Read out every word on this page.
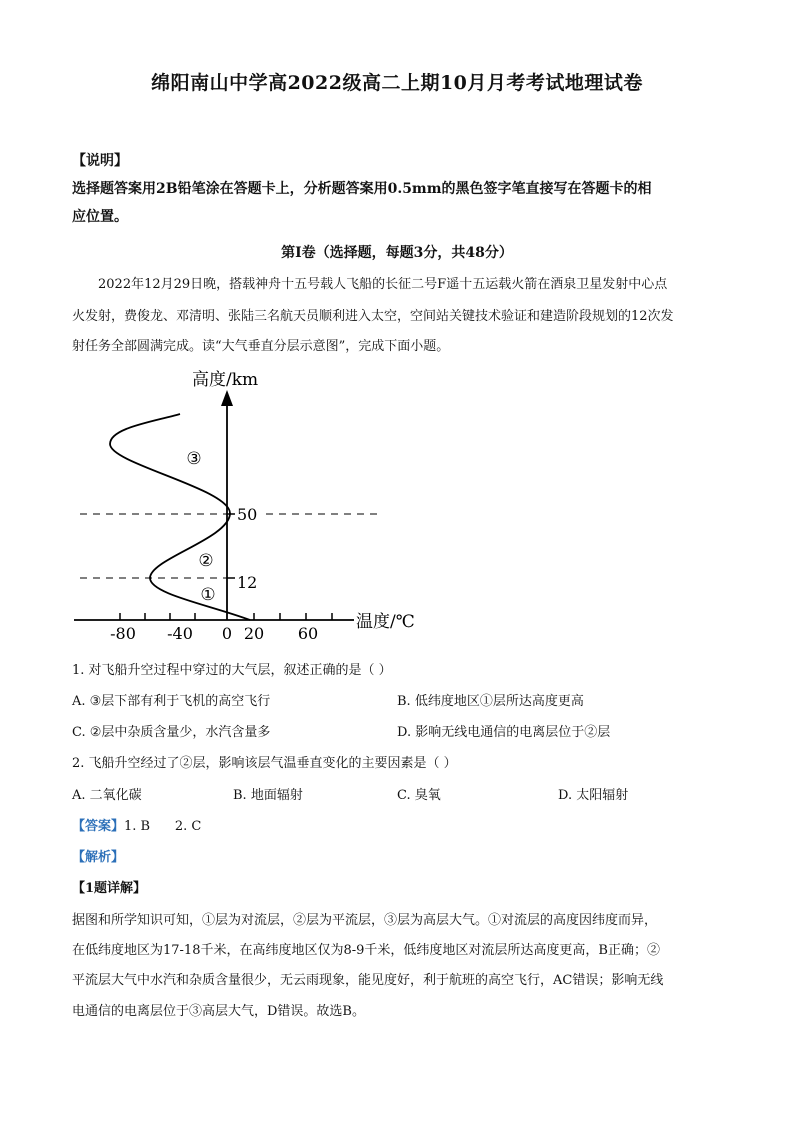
绵阳南山中学高2022级高二上期10月月考考试地理试卷
【说明】
选择题答案用2B铅笔涂在答题卡上，分析题答案用0.5mm的黑色签字笔直接写在答题卡的相
应位置。
第Ⅰ卷（选择题，每题3分，共48分）
2022年12月29日晚，搭载神舟十五号载人飞船的长征二号F遥十五运载火箭在酒泉卫星发射中心点
火发射，费俊龙、邓清明、张陆三名航天员顺利进入太空，空间站关键技术验证和建造阶段规划的12次发
射任务全部圆满完成。读“大气垂直分层示意图”，完成下面小题。
-80 -40 0 20 60
12
50
高度/km
温度/℃
①
②
③
1. 对飞船升空过程中穿过的大气层，叙述正确的是（ ）
A. ③层下部有利于飞机的高空飞行	B. 低纬度地区①层所达高度更高
C. ②层中杂质含量少，水汽含量多	D. 影响无线电通信的电离层位于②层
2. 飞船升空经过了②层，影响该层气温垂直变化的主要因素是（ ）
A. 二氧化碳	B. 地面辐射	C. 臭氧	D. 太阳辐射
【答案】1. B      2. C
【解析】
【1题详解】
据图和所学知识可知，①层为对流层，②层为平流层，③层为高层大气。①对流层的高度因纬度而异，
在低纬度地区为17-18千米，在高纬度地区仅为8-9千米，低纬度地区对流层所达高度更高，B正确；②
平流层大气中水汽和杂质含量很少，无云雨现象，能见度好，利于航班的高空飞行，AC错误；影响无线
电通信的电离层位于③高层大气，D错误。故选B。
